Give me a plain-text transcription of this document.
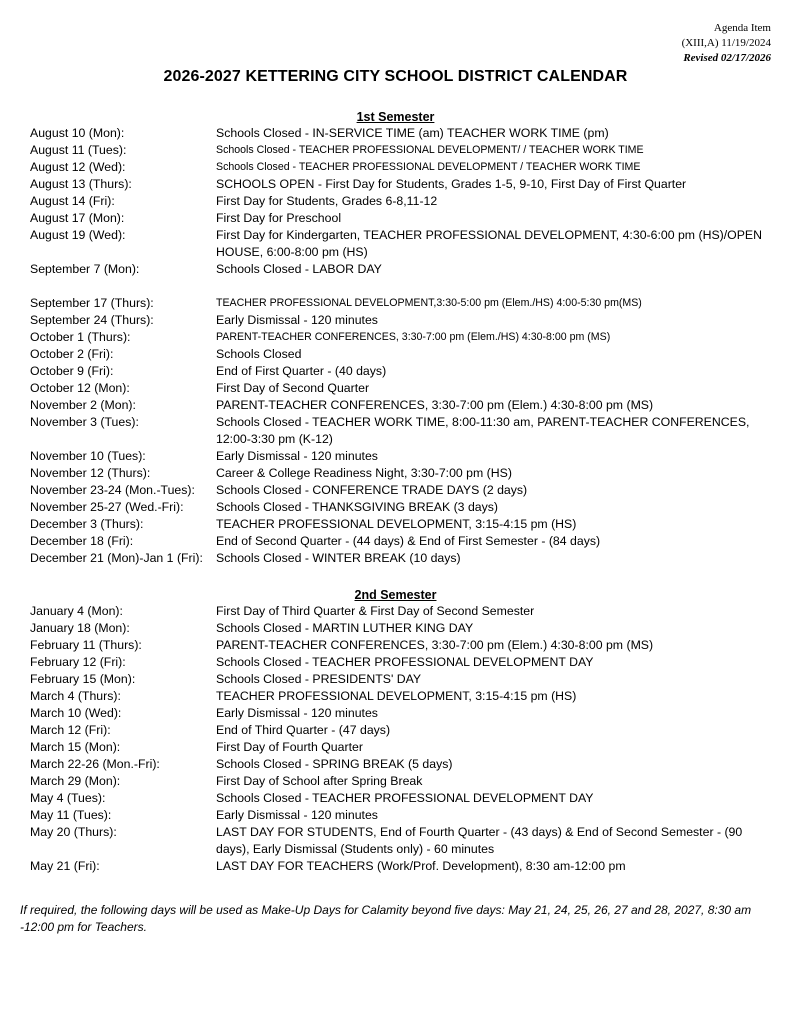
Agenda Item
(XIII,A) 11/19/2024
Revised 02/17/2026
2026-2027 KETTERING CITY SCHOOL DISTRICT CALENDAR
1st Semester
August 10 (Mon):	Schools Closed - IN-SERVICE TIME (am) TEACHER WORK TIME (pm)
August 11 (Tues):	Schools Closed - TEACHER PROFESSIONAL DEVELOPMENT/ / TEACHER WORK TIME
August 12 (Wed):	Schools Closed - TEACHER PROFESSIONAL DEVELOPMENT / TEACHER WORK TIME
August 13 (Thurs):	SCHOOLS OPEN - First Day for Students, Grades 1-5, 9-10, First Day of First Quarter
August 14 (Fri):	First Day for Students, Grades 6-8,11-12
August 17 (Mon):	First Day for Preschool
August 19 (Wed):	First Day for Kindergarten, TEACHER PROFESSIONAL DEVELOPMENT, 4:30-6:00 pm (HS)/OPEN HOUSE, 6:00-8:00 pm (HS)
September 7 (Mon):	Schools Closed - LABOR DAY
September 17 (Thurs):	TEACHER PROFESSIONAL DEVELOPMENT,3:30-5:00 pm (Elem./HS) 4:00-5:30 pm(MS)
September 24 (Thurs):	Early Dismissal - 120 minutes
October 1 (Thurs):	PARENT-TEACHER CONFERENCES, 3:30-7:00 pm (Elem./HS) 4:30-8:00 pm (MS)
October 2 (Fri):	Schools Closed
October 9 (Fri):	End of First Quarter - (40 days)
October 12 (Mon):	First Day of Second Quarter
November 2 (Mon):	PARENT-TEACHER CONFERENCES, 3:30-7:00 pm (Elem.) 4:30-8:00 pm (MS)
November 3 (Tues):	Schools Closed - TEACHER WORK TIME, 8:00-11:30 am, PARENT-TEACHER CONFERENCES, 12:00-3:30 pm (K-12)
November 10 (Tues):	Early Dismissal - 120 minutes
November 12 (Thurs):	Career & College Readiness Night, 3:30-7:00 pm (HS)
November 23-24 (Mon.-Tues):	Schools Closed - CONFERENCE TRADE DAYS (2 days)
November 25-27 (Wed.-Fri):	Schools Closed - THANKSGIVING BREAK (3 days)
December 3 (Thurs):	TEACHER PROFESSIONAL DEVELOPMENT, 3:15-4:15 pm (HS)
December 18 (Fri):	End of Second Quarter - (44 days) & End of First Semester - (84 days)
December 21 (Mon)-Jan 1 (Fri):	Schools Closed - WINTER BREAK (10 days)
2nd Semester
January 4 (Mon):	First Day of Third Quarter & First Day of Second Semester
January 18 (Mon):	Schools Closed - MARTIN LUTHER KING DAY
February 11 (Thurs):	PARENT-TEACHER CONFERENCES, 3:30-7:00 pm (Elem.) 4:30-8:00 pm (MS)
February 12 (Fri):	Schools Closed - TEACHER PROFESSIONAL DEVELOPMENT DAY
February 15 (Mon):	Schools Closed - PRESIDENTS' DAY
March 4 (Thurs):	TEACHER PROFESSIONAL DEVELOPMENT, 3:15-4:15 pm (HS)
March 10 (Wed):	Early Dismissal - 120 minutes
March 12 (Fri):	End of Third Quarter - (47 days)
March 15 (Mon):	First Day of Fourth Quarter
March 22-26 (Mon.-Fri):	Schools Closed - SPRING BREAK (5 days)
March 29 (Mon):	First Day of School after Spring Break
May 4 (Tues):	Schools Closed - TEACHER PROFESSIONAL DEVELOPMENT DAY
May 11 (Tues):	Early Dismissal - 120 minutes
May 20 (Thurs):	LAST DAY FOR STUDENTS, End of Fourth Quarter - (43 days) & End of Second Semester - (90 days), Early Dismissal (Students only) - 60 minutes
May 21 (Fri):	LAST DAY FOR TEACHERS (Work/Prof. Development), 8:30 am-12:00 pm
If required, the following days will be used as Make-Up Days for Calamity beyond five days: May 21, 24, 25, 26, 27 and 28, 2027, 8:30 am -12:00 pm for Teachers.
